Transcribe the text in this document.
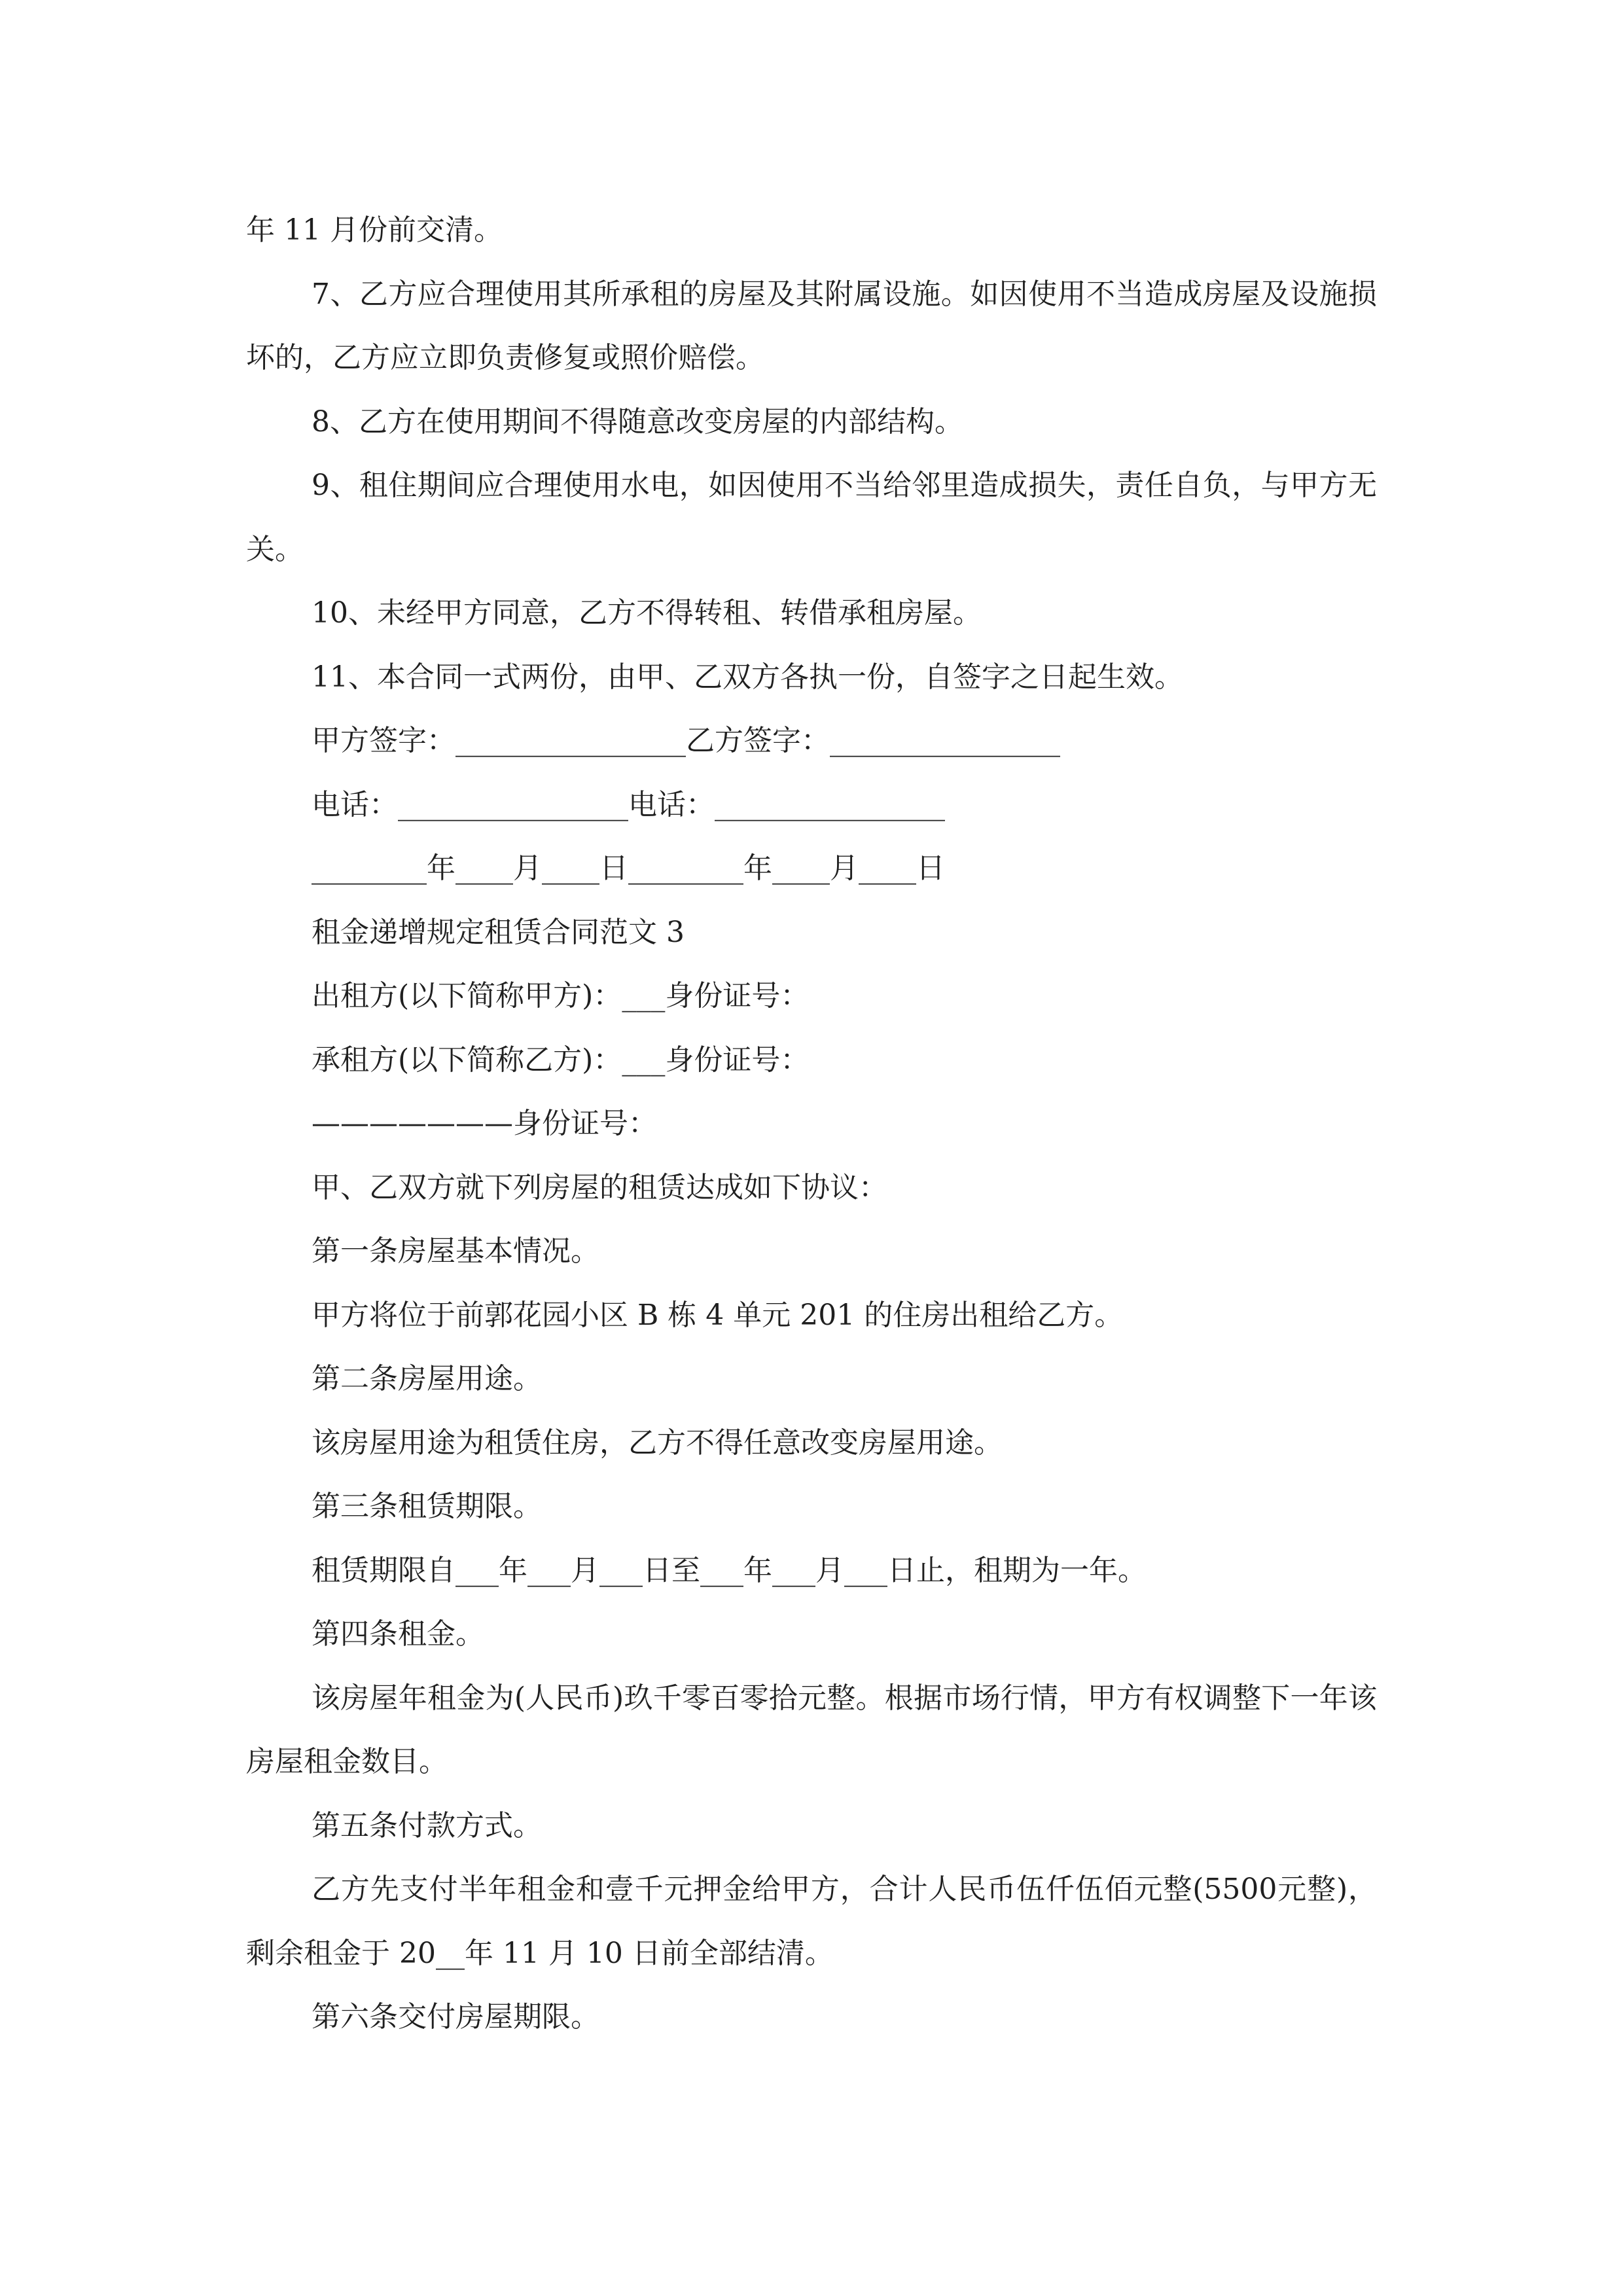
年 11 月份前交清。

7、乙方应合理使用其所承租的房屋及其附属设施。如因使用不当造成房屋及设施损坏的，乙方应立即负责修复或照价赔偿。

8、乙方在使用期间不得随意改变房屋的内部结构。

9、租住期间应合理使用水电，如因使用不当给邻里造成损失，责任自负，与甲方无关。

10、未经甲方同意，乙方不得转租、转借承租房屋。

11、本合同一式两份，由甲、乙双方各执一份，自签字之日起生效。

甲方签字：________________乙方签字：________________

电话：________________电话：________________

________年____月____日________年____月____日

租金递增规定租赁合同范文 3

出租方(以下简称甲方)：___身份证号：

承租方(以下简称乙方)：___身份证号：

———————身份证号：

甲、乙双方就下列房屋的租赁达成如下协议：

第一条房屋基本情况。

甲方将位于前郭花园小区 B 栋 4 单元 201 的住房出租给乙方。

第二条房屋用途。

该房屋用途为租赁住房，乙方不得任意改变房屋用途。

第三条租赁期限。

租赁期限自___年___月___日至___年___月___日止，租期为一年。

第四条租金。

该房屋年租金为(人民币)玖千零百零拾元整。根据市场行情，甲方有权调整下一年该房屋租金数目。

第五条付款方式。

乙方先支付半年租金和壹千元押金给甲方，合计人民币伍仟伍佰元整(5500元整)，剩余租金于 20__年 11 月 10 日前全部结清。

第六条交付房屋期限。
